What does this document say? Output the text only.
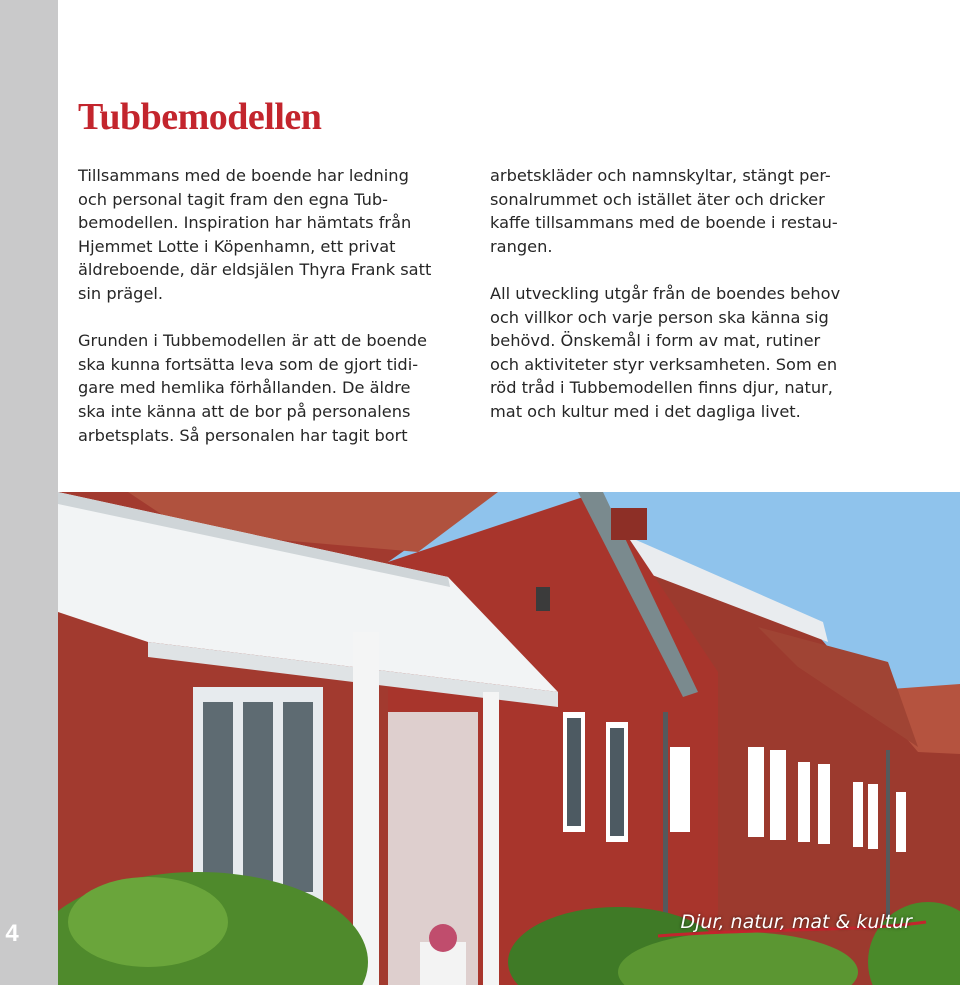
4
Tubbemodellen

Tillsammans med de boende har ledning
och personal tagit fram den egna Tub-
bemodellen. Inspiration har hämtats från
Hjemmet Lotte i Köpenhamn, ett privat
äldreboende, där eldsjälen Thyra Frank satt
sin prägel.

Grunden i Tubbemodellen är att de boende
ska kunna fortsätta leva som de gjort tidi-
gare med hemlika förhållanden. De äldre
ska inte känna att de bor på personalens
arbetsplats. Så personalen har tagit bort

arbetskläder och namnskyltar, stängt per-
sonalrummet och istället äter och dricker
kaffe tillsammans med de boende i restau-
rangen.

All utveckling utgår från de boendes behov
och villkor och varje person ska känna sig
behövd. Önskemål i form av mat, rutiner
och aktiviteter styr verksamheten. Som en
röd tråd i Tubbemodellen finns djur, natur,
mat och kultur med i det dagliga livet.

Djur, natur, mat & kultur
